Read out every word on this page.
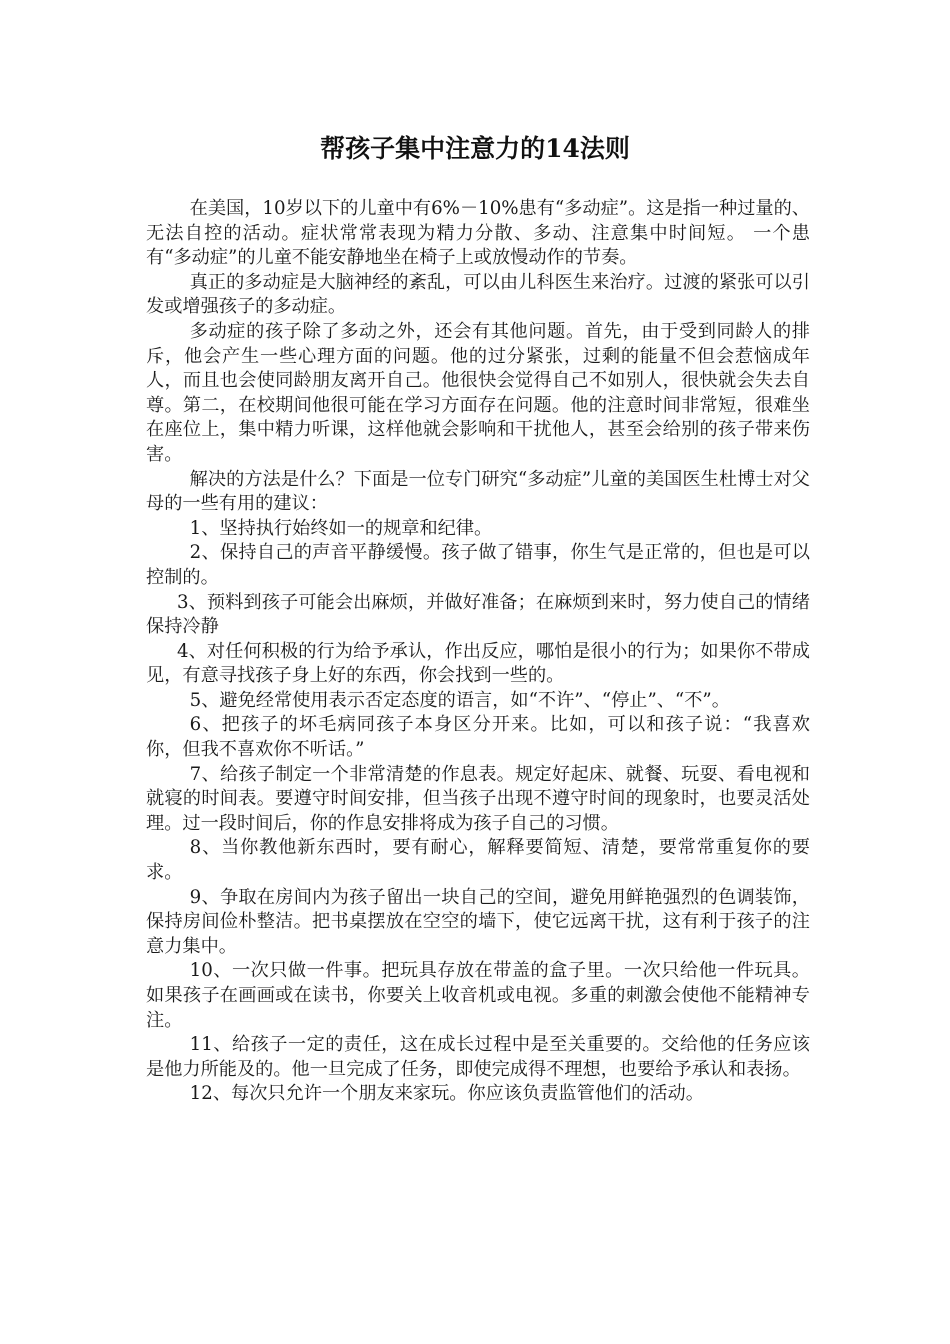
帮孩子集中注意力的14法则

在美国，10岁以下的儿童中有6%－10%患有“多动症”。这是指一种过量的、无法自控的活动。症状常常表现为精力分散、多动、注意集中时间短。 一个患有“多动症”的儿童不能安静地坐在椅子上或放慢动作的节奏。

真正的多动症是大脑神经的紊乱，可以由儿科医生来治疗。过渡的紧张可以引发或增强孩子的多动症。

多动症的孩子除了多动之外，还会有其他问题。首先，由于受到同龄人的排斥，他会产生一些心理方面的问题。他的过分紧张，过剩的能量不但会惹恼成年人，而且也会使同龄朋友离开自己。他很快会觉得自己不如别人，很快就会失去自尊。第二，在校期间他很可能在学习方面存在问题。他的注意时间非常短，很难坐在座位上，集中精力听课，这样他就会影响和干扰他人，甚至会给别的孩子带来伤害。

解决的方法是什么？下面是一位专门研究“多动症”儿童的美国医生杜博士对父母的一些有用的建议：

1、坚持执行始终如一的规章和纪律。

2、保持自己的声音平静缓慢。孩子做了错事，你生气是正常的，但也是可以控制的。

3、预料到孩子可能会出麻烦，并做好准备；在麻烦到来时，努力使自己的情绪保持冷静

4、对任何积极的行为给予承认，作出反应，哪怕是很小的行为；如果你不带成见，有意寻找孩子身上好的东西，你会找到一些的。

5、避免经常使用表示否定态度的语言，如“不许”、“停止”、“不”。

6、把孩子的坏毛病同孩子本身区分开来。比如，可以和孩子说：“我喜欢你，但我不喜欢你不听话。”

7、给孩子制定一个非常清楚的作息表。规定好起床、就餐、玩耍、看电视和就寝的时间表。要遵守时间安排，但当孩子出现不遵守时间的现象时，也要灵活处理。过一段时间后，你的作息安排将成为孩子自己的习惯。

8、当你教他新东西时，要有耐心，解释要简短、清楚，要常常重复你的要求。

9、争取在房间内为孩子留出一块自己的空间，避免用鲜艳强烈的色调装饰，保持房间俭朴整洁。把书桌摆放在空空的墙下，使它远离干扰，这有利于孩子的注意力集中。

10、一次只做一件事。把玩具存放在带盖的盒子里。一次只给他一件玩具。如果孩子在画画或在读书，你要关上收音机或电视。多重的刺激会使他不能精神专注。

11、给孩子一定的责任，这在成长过程中是至关重要的。交给他的任务应该是他力所能及的。他一旦完成了任务，即使完成得不理想，也要给予承认和表扬。

12、每次只允许一个朋友来家玩。你应该负责监管他们的活动。
